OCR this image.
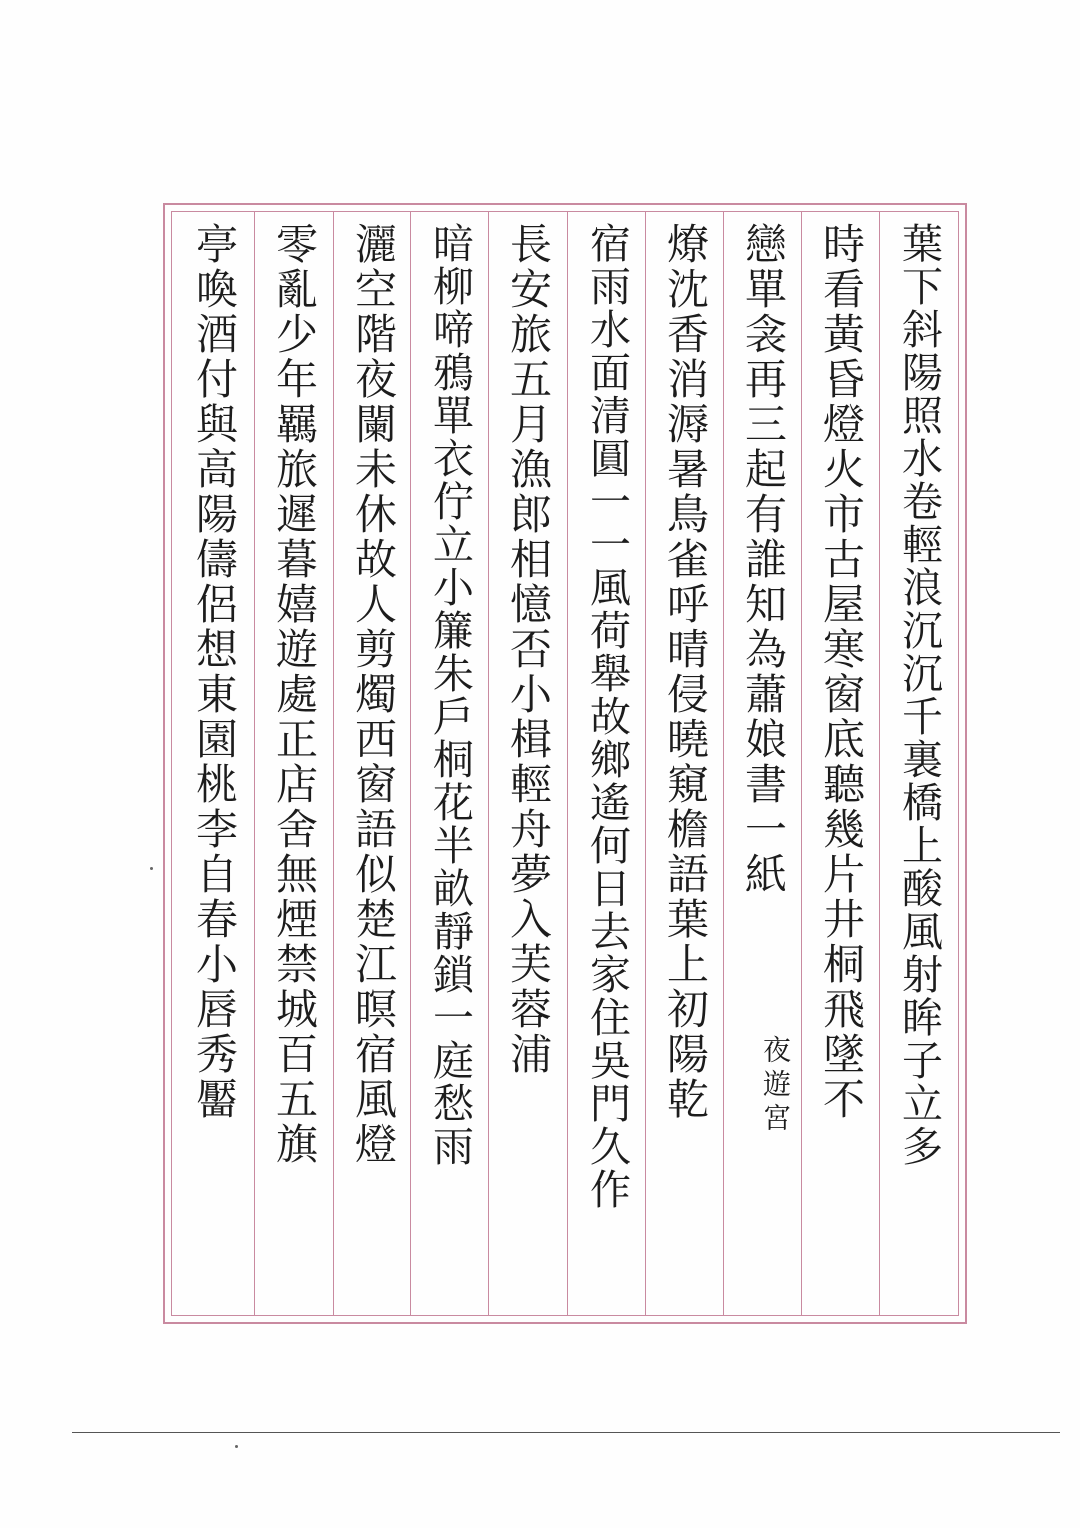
葉下斜陽照水卷輕浪沉沉千裏橋上酸風射眸子立多
時看黃昏燈火市古屋寒窗底聽幾片井桐飛墜不
戀單衾再三起有誰知為蕭娘書一紙
夜遊宮
燎沈香消溽暑鳥雀呼晴侵曉窺檐語葉上初陽乾
宿雨水面清圓一一風荷舉故鄉遙何日去家住吳門久作
長安旅五月漁郎相憶否小楫輕舟夢入芙蓉浦
暗柳啼鴉單衣佇立小簾朱戶桐花半畝靜鎖一庭愁雨
灑空階夜闌未休故人剪燭西窗語似楚江暝宿風燈
零亂少年羈旅遲暮嬉遊處正店舍無煙禁城百五旗
亭喚酒付與高陽儔侶想東園桃李自春小唇秀靨
